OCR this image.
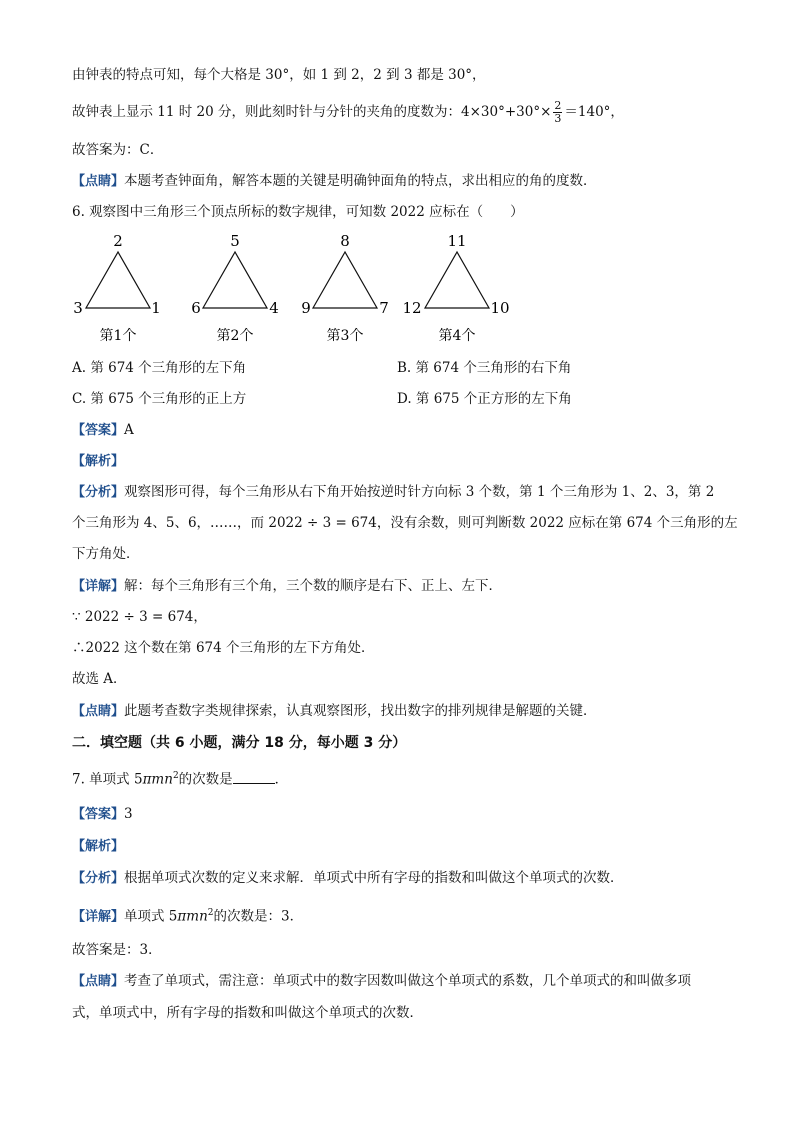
由钟表的特点可知，每个大格是 30°，如 1 到 2，2 到 3 都是 30°，
故钟表上显示 11 时 20 分，则此刻时针与分针的夹角的度数为：$4\times 30^\circ+30^\circ\times \frac{2}{3} =140^\circ$，
故答案为：C．
【点睛】本题考查钟面角，解答本题的关键是明确钟面角的特点，求出相应的角的度数．
6. 观察图中三角形三个顶点所标的数字规律，可知数 2022 应标在（　　）
2
3	1
第1个
5
6	4
第2个
8
9	7
第3个
11
12	10
第4个
A. 第 674 个三角形的左下角	B. 第 674 个三角形的右下角
C. 第 675 个三角形的正上方	D. 第 675 个正方形的左下角
【答案】A
【解析】
【分析】观察图形可得，每个三角形从右下角开始按逆时针方向标 3 个数，第 1 个三角形为 1、2、3，第 2
个三角形为 4、5、6，……，而 2022 ÷ 3 = 674，没有余数，则可判断数 2022 应标在第 674 个三角形的左
下方角处．
【详解】解：每个三角形有三个角，三个数的顺序是右下、正上、左下．
∵ 2022 ÷ 3 = 674，
∴2022 这个数在第 674 个三角形的左下方角处．
故选 A．
【点睛】此题考查数字类规律探索，认真观察图形，找出数字的排列规律是解题的关键．
二．填空题（共 6 小题，满分 18 分，每小题 3 分）
7. 单项式 5πmn$^2$的次数是	．
【答案】3
【解析】
【分析】根据单项式次数的定义来求解．单项式中所有字母的指数和叫做这个单项式的次数．
【详解】单项式 5πmn$^2$的次数是：3．
故答案是：3．
【点睛】考查了单项式，需注意：单项式中的数字因数叫做这个单项式的系数，几个单项式的和叫做多项
式，单项式中，所有字母的指数和叫做这个单项式的次数．
